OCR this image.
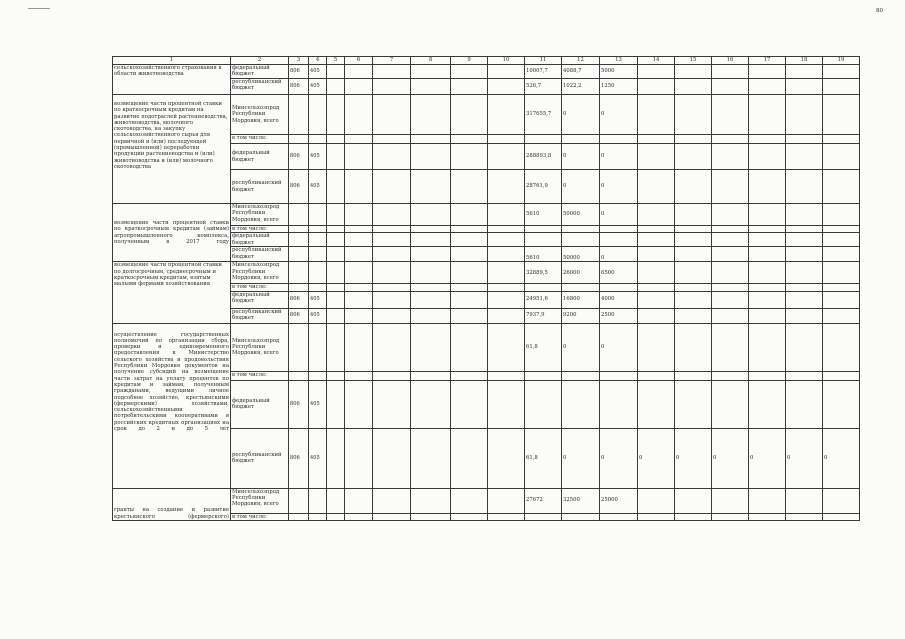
80
1	2	3	4	5	6	7	8	9	10	11	12	13	14	15	16	17	18	19
сельскохозяйственного страхования в области животноводства	федеральный бюджет	806	405							10007,7	4088,7	5000						
	республиканский бюджет	806	405							526,7	1022,2	1250						
возмещение части процентной ставки по краткосрочным кредитам на развитие подотраслей растениеводства, животноводства, молочного скотоводства, на закупку сельскохозяйственного сырья для первичной и (или) последующей (промышленной) переработки продукции растениеводства и (или) животноводства и (или) молочного скотоводства	Минсельхозпрод Республики Мордовия, всего									317655,7	0	0						
	в том числе:																	
	федеральный бюджет	806	405							288893,8	0	0						
	республиканский бюджет	806	405							28761,9	0	0						
возмещение части процентной ставки по краткосрочным кредитам (займам) агропромышленного комплекса, полученным в 2017 году	Минсельхозпрод Республики Мордовия, всего									5610	50000	0						
	в том числе:																	
	федеральный бюджет																	
	республиканский бюджет									5610	50000	0						
возмещение части процентной ставки по долгосрочным, среднесрочным и краткосрочным кредитам, взятым малыми формами хозяйствования	Минсельхозпрод Республики Мордовия, всего									32889,5	26000	6500						
	в том числе:																	
	федеральный бюджет	806	405							24951,6	16800	4000						
	республиканский бюджет	806	405							7937,9	9200	2500						
осуществление государственных полномочий по организации сбора, проверки и единовременного предоставления в Министерство сельского хозяйства и продовольствия Республики Мордовия документов на получение субсидий на возмещение части затрат на уплату процентов по кредитам и займам, полученным гражданами, ведущими личное подсобное хозяйство, крестьянскими (фермерскими) хозяйствами, сельскохозяйственными потребительскими кооперативами в российских кредитных организациях на срок до 2 и до 5 лет	Минсельхозпрод Республики Мордовия, всего									61,8	0	0						
	в том числе:																	
	федеральный бюджет	806	405															
	республиканский бюджет	806	405							61,8	0	0	0	0	0	0	0	0
гранты на создание и развитие крестьянского (фермерского)	Минсельхозпрод Республики Мордовия, всего									27672	32500	25000						
	в том числе:																	
